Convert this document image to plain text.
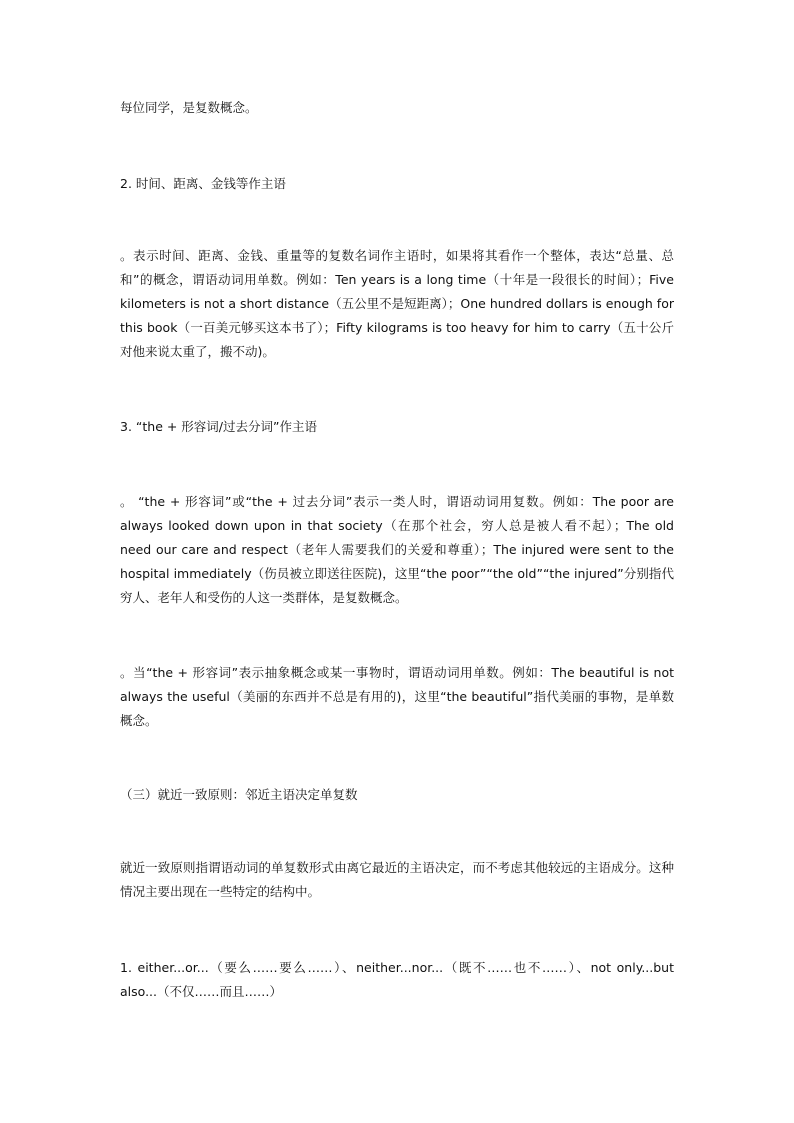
每位同学，是复数概念。

2. 时间、距离、金钱等作主语

。表示时间、距离、金钱、重量等的复数名词作主语时，如果将其看作一个整体，表达“总量、总和”的概念，谓语动词用单数。例如：Ten years is a long time（十年是一段很长的时间）；Five kilometers is not a short distance（五公里不是短距离）；One hundred dollars is enough for this book（一百美元够买这本书了）；Fifty kilograms is too heavy for him to carry（五十公斤对他来说太重了，搬不动)。

3. “the + 形容词/过去分词”作主语

。 “the + 形容词”或“the + 过去分词”表示一类人时，谓语动词用复数。例如：The poor are always looked down upon in that society（在那个社会，穷人总是被人看不起）；The old need our care and respect（老年人需要我们的关爱和尊重）；The injured were sent to the hospital immediately（伤员被立即送往医院)，这里“the poor”“the old”“the injured”分别指代穷人、老年人和受伤的人这一类群体，是复数概念。

。当“the + 形容词”表示抽象概念或某一事物时，谓语动词用单数。例如：The beautiful is not always the useful（美丽的东西并不总是有用的)，这里“the beautiful”指代美丽的事物，是单数概念。

（三）就近一致原则：邻近主语决定单复数

就近一致原则指谓语动词的单复数形式由离它最近的主语决定，而不考虑其他较远的主语成分。这种情况主要出现在一些特定的结构中。

1. either...or...（要么……要么……）、neither...nor...（既不……也不……）、not only...but also...（不仅……而且……）
